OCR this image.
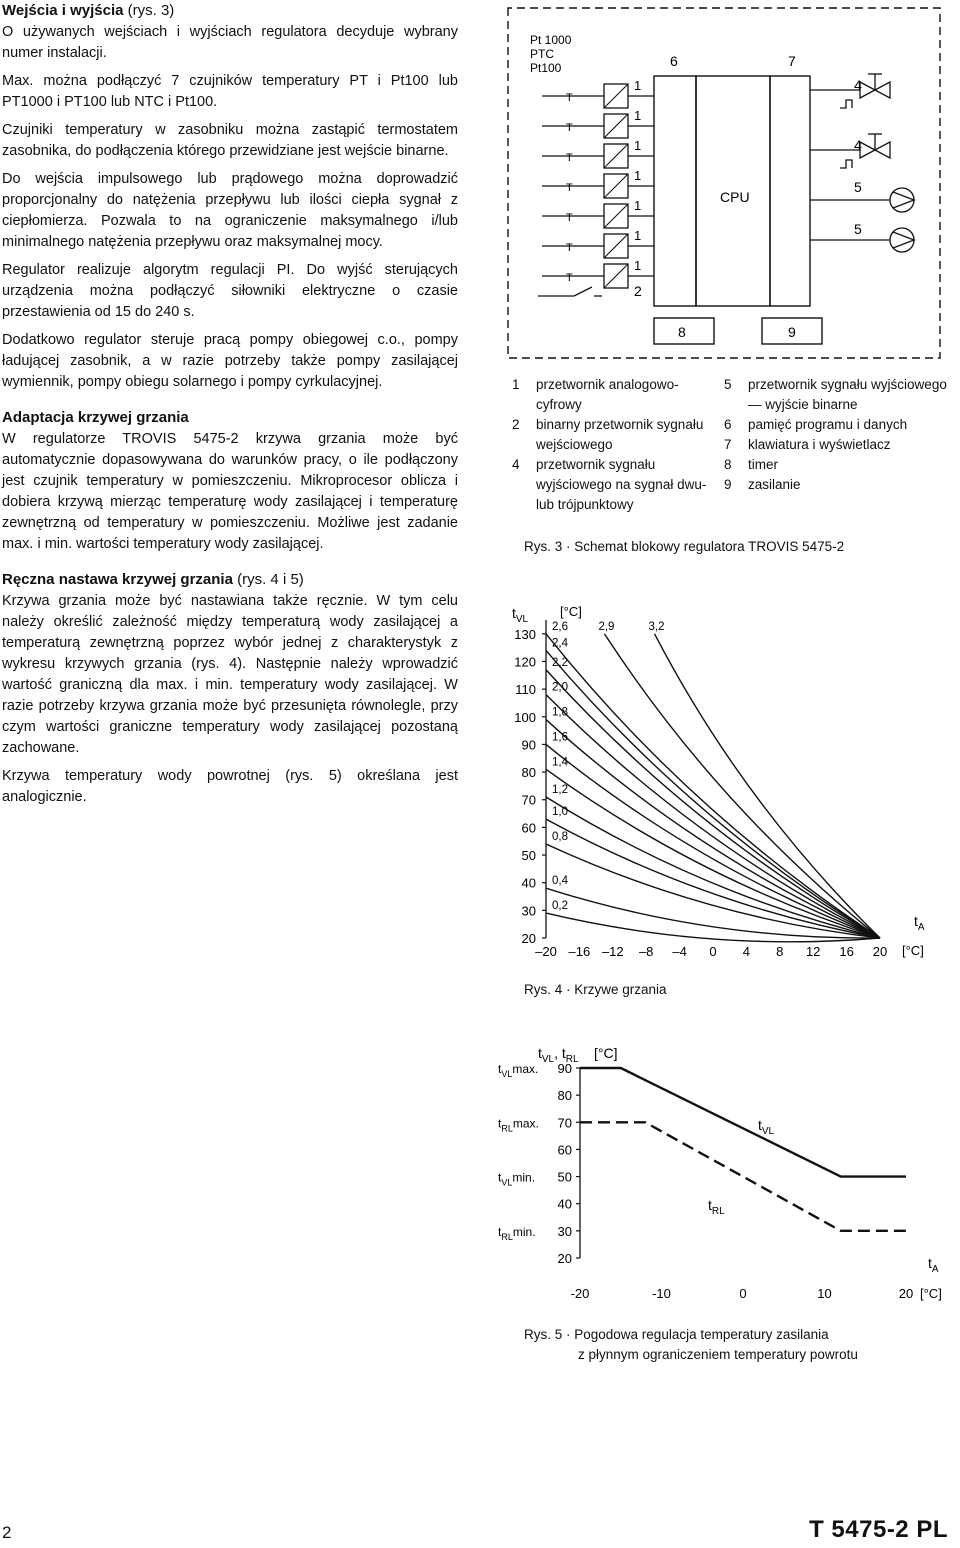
Wejścia i wyjścia (rys. 3)

O używanych wejściach i wyjściach regulatora decyduje wybrany numer instalacji.

Max. można podłączyć 7 czujników temperatury PT i Pt100 lub PT1000 i PT100 lub NTC i Pt100.

Czujniki temperatury w zasobniku można zastąpić termostatem zasobnika, do podłączenia którego przewidziane jest wejście binarne.

Do wejścia impulsowego lub prądowego można doprowadzić proporcjonalny do natężenia przepływu lub ilości ciepła sygnał z ciepłomierza. Pozwala to na ograniczenie maksymalnego i/lub minimalnego natężenia przepływu oraz maksymalnej mocy.

Regulator realizuje algorytm regulacji PI. Do wyjść sterujących urządzenia można podłączyć siłowniki elektryczne o czasie przestawienia od 15 do 240 s.

Dodatkowo regulator steruje pracą pompy obiegowej c.o., pompy ładującej zasobnik, a w razie potrzeby także pompy zasilającej wymiennik, pompy obiegu solarnego i pompy cyrkulacyjnej.

Adaptacja krzywej grzania

W regulatorze TROVIS 5475-2 krzywa grzania może być automatycznie dopasowywana do warunków pracy, o ile podłączony jest czujnik temperatury w pomieszczeniu. Mikroprocesor oblicza i dobiera krzywą mierząc temperaturę wody zasilającej i temperaturę zewnętrzną od temperatury w pomieszczeniu. Możliwe jest zadanie max. i min. wartości temperatury wody zasilającej.

Ręczna nastawa krzywej grzania (rys. 4 i 5)

Krzywa grzania może być nastawiana także ręcznie. W tym celu należy określić zależność między temperaturą wody zasilającej a temperaturą zewnętrzną poprzez wybór jednej z charakterystyk z wykresu krzywych grzania (rys. 4). Następnie należy wprowadzić wartość graniczną dla max. i min. temperatury wody zasilającej. W razie potrzeby krzywa grzania może być przesunięta równolegle, przy czym wartości graniczne temperatury wody zasilającej pozostaną zachowane.

Krzywa temperatury wody powrotnej (rys. 5) określana jest analogicznie.

Pt 1000
PTC
Pt100
T
1
T
1
T
1
T
1
T
1
T
1
T
1
2
6	7
CPU
8	9
4
4
5
5
1	przetwornik analogowo-cyfrowy
2	binarny przetwornik sygnału wejściowego
4	przetwornik sygnału wyjściowego na sygnał dwu- lub trójpunktowy
5	przetwornik sygnału wyjściowego — wyjście binarne
6	pamięć programu i danych
7	klawiatura i wyświetlacz
8	timer
9	zasilanie
Rys. 3 · Schemat blokowy regulatora TROVIS 5475-2
$t_{VL}$
[°C]
$t_A$
[°C]
20
30
40
50
60
70
80
90
100
110
120
130
–20 –16 –12 –8 –4 0 4 8 12 16 20
0,2
0,4
0,8
1,0
1,2
1,4
1,6
1,8
2,0
2,2
2,4
2,6	2,9	3,2
Rys. 4 · Krzywe grzania
$t_{VL}$, $t_{RL}$ [°C]
$t_A$
[°C]
20
30
40
50
60
70
80
90
-20	-10	0	10	20
$t_{VL}\max$.
$t_{RL}\max$.
$t_{VL}\min$.
$t_{RL}\min$.
$t_{VL}$
$t_{RL}$
Rys. 5 · Pogodowa regulacja temperatury zasilania
z płynnym ograniczeniem temperatury powrotu
2	T 5475-2 PL
